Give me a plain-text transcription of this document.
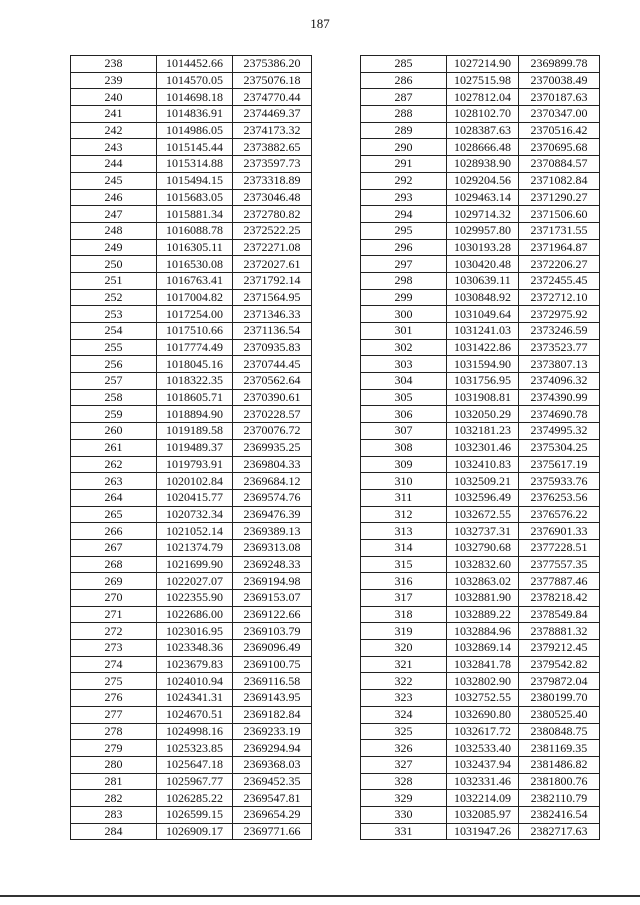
187
238	1014452.66	2375386.20
239	1014570.05	2375076.18
240	1014698.18	2374770.44
241	1014836.91	2374469.37
242	1014986.05	2374173.32
243	1015145.44	2373882.65
244	1015314.88	2373597.73
245	1015494.15	2373318.89
246	1015683.05	2373046.48
247	1015881.34	2372780.82
248	1016088.78	2372522.25
249	1016305.11	2372271.08
250	1016530.08	2372027.61
251	1016763.41	2371792.14
252	1017004.82	2371564.95
253	1017254.00	2371346.33
254	1017510.66	2371136.54
255	1017774.49	2370935.83
256	1018045.16	2370744.45
257	1018322.35	2370562.64
258	1018605.71	2370390.61
259	1018894.90	2370228.57
260	1019189.58	2370076.72
261	1019489.37	2369935.25
262	1019793.91	2369804.33
263	1020102.84	2369684.12
264	1020415.77	2369574.76
265	1020732.34	2369476.39
266	1021052.14	2369389.13
267	1021374.79	2369313.08
268	1021699.90	2369248.33
269	1022027.07	2369194.98
270	1022355.90	2369153.07
271	1022686.00	2369122.66
272	1023016.95	2369103.79
273	1023348.36	2369096.49
274	1023679.83	2369100.75
275	1024010.94	2369116.58
276	1024341.31	2369143.95
277	1024670.51	2369182.84
278	1024998.16	2369233.19
279	1025323.85	2369294.94
280	1025647.18	2369368.03
281	1025967.77	2369452.35
282	1026285.22	2369547.81
283	1026599.15	2369654.29
284	1026909.17	2369771.66
285	1027214.90	2369899.78
286	1027515.98	2370038.49
287	1027812.04	2370187.63
288	1028102.70	2370347.00
289	1028387.63	2370516.42
290	1028666.48	2370695.68
291	1028938.90	2370884.57
292	1029204.56	2371082.84
293	1029463.14	2371290.27
294	1029714.32	2371506.60
295	1029957.80	2371731.55
296	1030193.28	2371964.87
297	1030420.48	2372206.27
298	1030639.11	2372455.45
299	1030848.92	2372712.10
300	1031049.64	2372975.92
301	1031241.03	2373246.59
302	1031422.86	2373523.77
303	1031594.90	2373807.13
304	1031756.95	2374096.32
305	1031908.81	2374390.99
306	1032050.29	2374690.78
307	1032181.23	2374995.32
308	1032301.46	2375304.25
309	1032410.83	2375617.19
310	1032509.21	2375933.76
311	1032596.49	2376253.56
312	1032672.55	2376576.22
313	1032737.31	2376901.33
314	1032790.68	2377228.51
315	1032832.60	2377557.35
316	1032863.02	2377887.46
317	1032881.90	2378218.42
318	1032889.22	2378549.84
319	1032884.96	2378881.32
320	1032869.14	2379212.45
321	1032841.78	2379542.82
322	1032802.90	2379872.04
323	1032752.55	2380199.70
324	1032690.80	2380525.40
325	1032617.72	2380848.75
326	1032533.40	2381169.35
327	1032437.94	2381486.82
328	1032331.46	2381800.76
329	1032214.09	2382110.79
330	1032085.97	2382416.54
331	1031947.26	2382717.63
